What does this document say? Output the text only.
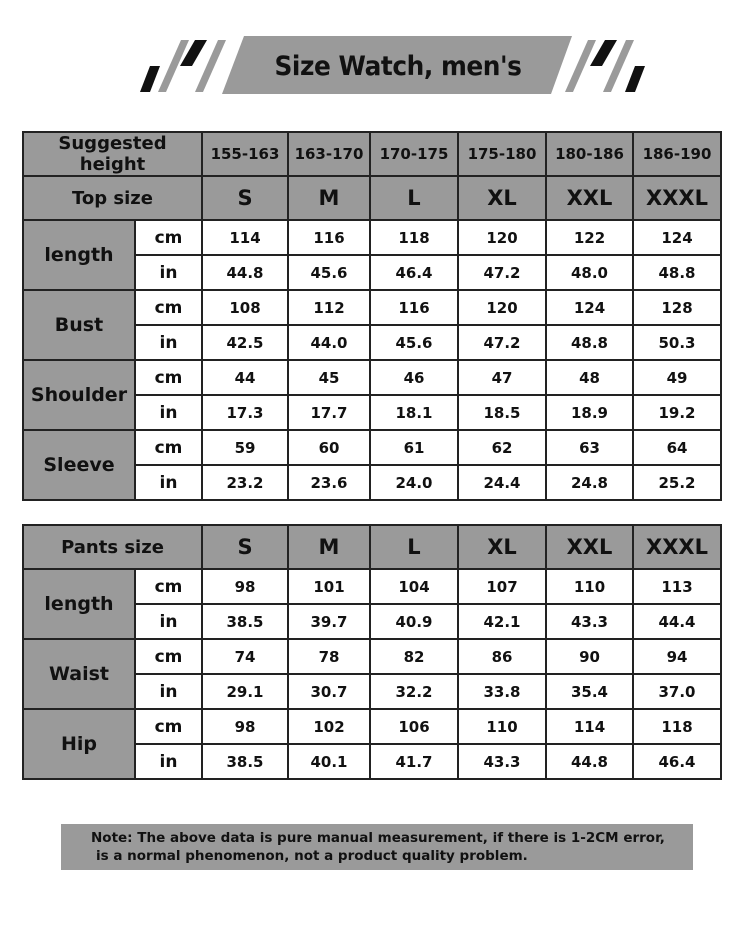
Size Watch, men's
Suggested height		155-163	163-170	170-175	175-180	180-186	186-190
Top size		S	M	L	XL	XXL	XXXL
length	cm	114	116	118	120	122	124
	in	44.8	45.6	46.4	47.2	48.0	48.8
Bust	cm	108	112	116	120	124	128
	in	42.5	44.0	45.6	47.2	48.8	50.3
Shoulder	cm	44	45	46	47	48	49
	in	17.3	17.7	18.1	18.5	18.9	19.2
Sleeve	cm	59	60	61	62	63	64
	in	23.2	23.6	24.0	24.4	24.8	25.2
Pants size		S	M	L	XL	XXL	XXXL
length	cm	98	101	104	107	110	113
	in	38.5	39.7	40.9	42.1	43.3	44.4
Waist	cm	74	78	82	86	90	94
	in	29.1	30.7	32.2	33.8	35.4	37.0
Hip	cm	98	102	106	110	114	118
	in	38.5	40.1	41.7	43.3	44.8	46.4
Note: The above data is pure manual measurement, if there is 1-2CM error,
is a normal phenomenon, not a product quality problem.
